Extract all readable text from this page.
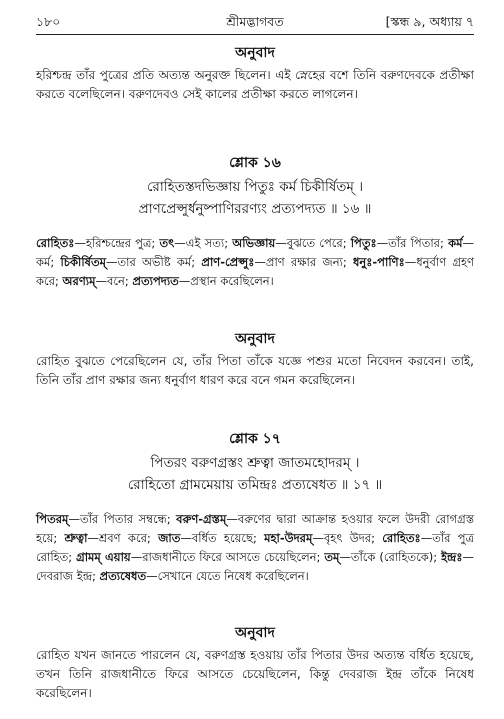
১৮০	শ্রীমদ্ভাগবত	[স্কন্ধ ৯, অধ্যায় ৭
অনুবাদ
হরিশ্চন্দ্র তাঁর পুত্রের প্রতি অত্যন্ত অনুরক্ত ছিলেন। এই স্নেহের বশে তিনি বরুণদেবকে প্রতীক্ষা করতে বলেছিলেন। বরুণদেবও সেই কালের প্রতীক্ষা করতে লাগলেন।
শ্লোক ১৬
রোহিতস্তদভিজ্ঞায় পিতুঃ কর্ম চিকীর্ষিতম্ ।
প্রাণপ্রেপ্সুর্ধনুষ্পাণিররণ্যং প্রত্যপদ্যত ॥ ১৬ ॥
রোহিতঃ—হরিশ্চন্দ্রের পুত্র; তৎ—এই সত্য; অভিজ্ঞায়—বুঝতে পেরে; পিতুঃ—তাঁর পিতার; কর্ম—কর্ম; চিকীর্ষিতম্—তার অভীষ্ট কর্ম; প্রাণ-প্রেপ্সুঃ—প্রাণ রক্ষার জন্য; ধনুঃ-পাণিঃ—ধনুর্বাণ গ্রহণ করে; অরণ্যম্—বনে; প্রত্যপদ্যত—প্রস্থান করেছিলেন।
অনুবাদ
রোহিত বুঝতে পেরেছিলেন যে, তাঁর পিতা তাঁকে যজ্ঞে পশুর মতো নিবেদন করবেন। তাই, তিনি তাঁর প্রাণ রক্ষার জন্য ধনুর্বাণ ধারণ করে বনে গমন করেছিলেন।
শ্লোক ১৭
পিতরং বরুণগ্রস্তং শ্রুত্বা জাতমহোদরম্ ।
রোহিতো গ্রামমেয়ায় তমিন্দ্রঃ প্রত্যষেধত ॥ ১৭ ॥
পিতরম্—তাঁর পিতার সম্বন্ধে; বরুণ-গ্রস্তম্—বরুণের দ্বারা আক্রান্ত হওয়ার ফলে উদরী রোগগ্রস্ত হয়ে; শ্রুত্বা—শ্রবণ করে; জাত—বর্ধিত হয়েছে; মহা-উদরম্—বৃহৎ উদর; রোহিতঃ—তাঁর পুত্র রোহিত; গ্রামম্ এয়ায়—রাজধানীতে ফিরে আসতে চেয়েছিলেন; তম্—তাঁকে (রোহিতকে); ইন্দ্রঃ—দেবরাজ ইন্দ্র; প্রত্যষেধত—সেখানে যেতে নিষেধ করেছিলেন।
অনুবাদ
রোহিত যখন জানতে পারলেন যে, বরুণগ্রস্ত হওয়ায় তাঁর পিতার উদর অত্যন্ত বর্ধিত হয়েছে, তখন তিনি রাজধানীতে ফিরে আসতে চেয়েছিলেন, কিন্তু দেবরাজ ইন্দ্র তাঁকে নিষেধ করেছিলেন।
